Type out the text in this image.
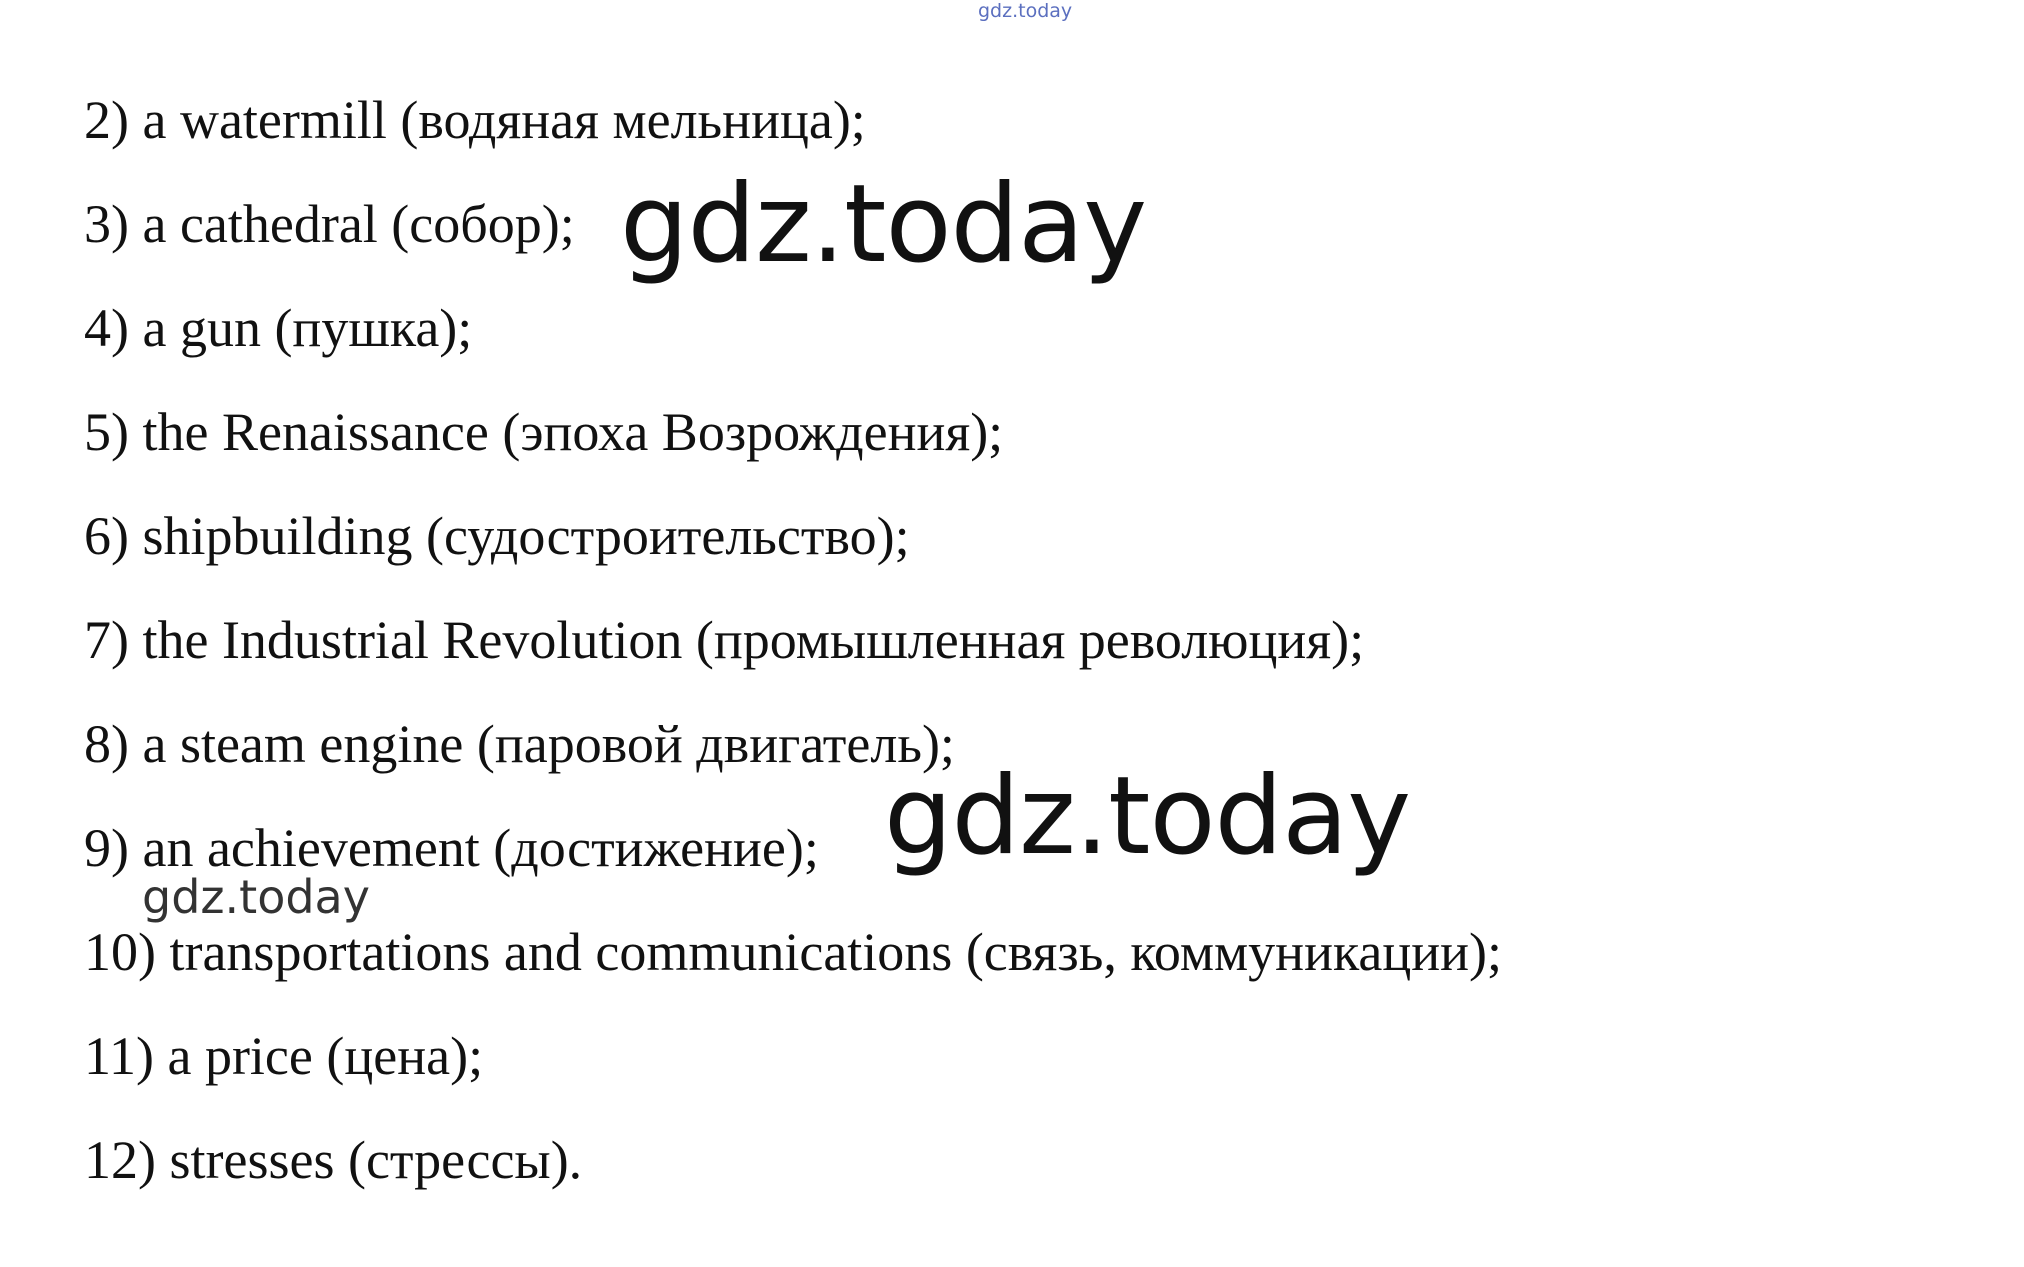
gdz.today

2) a watermill (водяная мельница);

3) a cathedral (собор);

4) a gun (пушка);

5) the Renaissance (эпоха Возрождения);

6) shipbuilding (судостроительство);

7) the Industrial Revolution (промышленная революция);

8) a steam engine (паровой двигатель);

9) an achievement (достижение);

10) transportations and communications (связь, коммуникации);

11) a price (цена);

12) stresses (стрессы).

gdz.today
gdz.today
gdz.today
